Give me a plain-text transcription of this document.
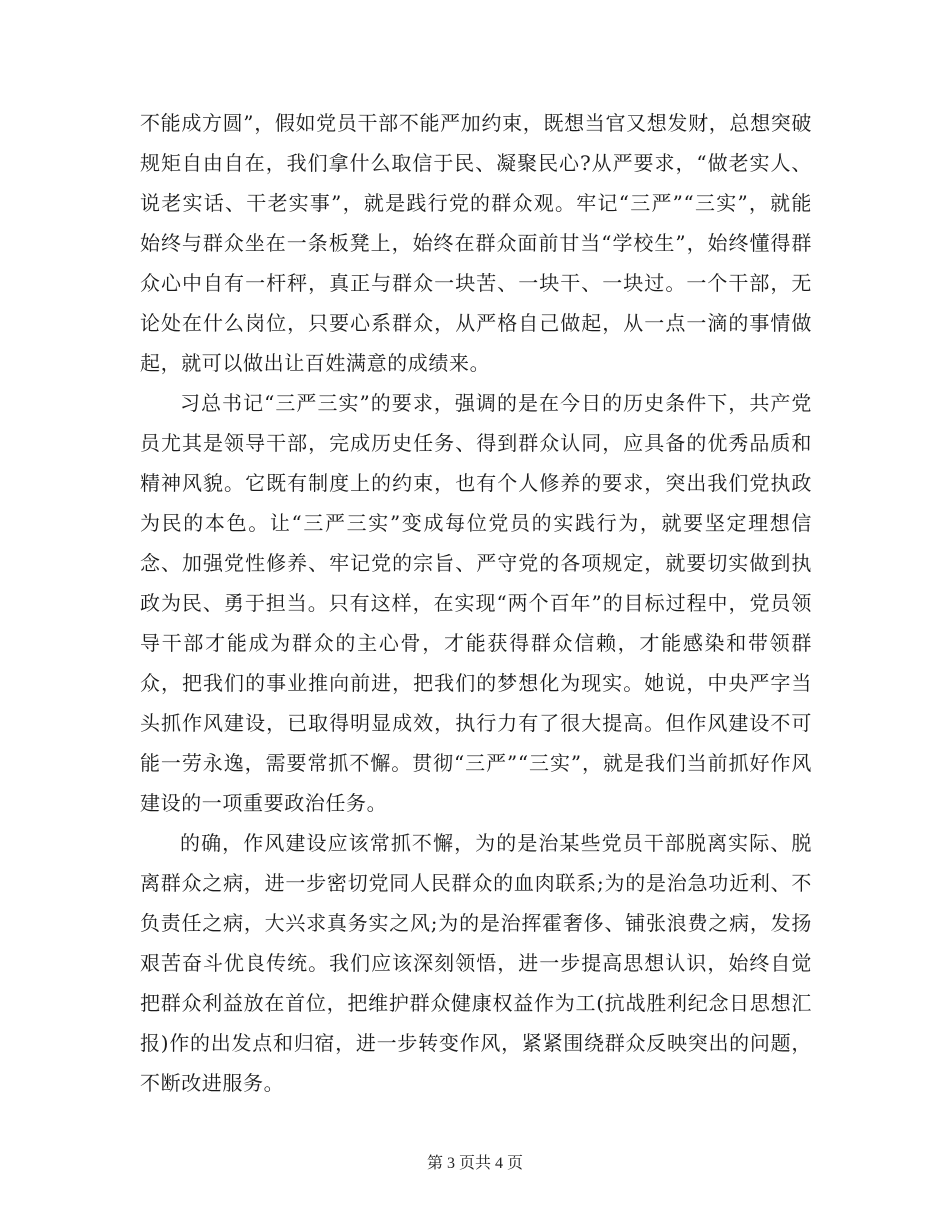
不能成方圆”，假如党员干部不能严加约束，既想当官又想发财，总想突破规矩自由自在，我们拿什么取信于民、凝聚民心?从严要求，“做老实人、说老实话、干老实事”，就是践行党的群众观。牢记“三严”“三实”，就能始终与群众坐在一条板凳上，始终在群众面前甘当“学校生”，始终懂得群众心中自有一杆秤，真正与群众一块苦、一块干、一块过。一个干部，无论处在什么岗位，只要心系群众，从严格自己做起，从一点一滴的事情做起，就可以做出让百姓满意的成绩来。

习总书记“三严三实”的要求，强调的是在今日的历史条件下，共产党员尤其是领导干部，完成历史任务、得到群众认同，应具备的优秀品质和精神风貌。它既有制度上的约束，也有个人修养的要求，突出我们党执政为民的本色。让“三严三实”变成每位党员的实践行为，就要坚定理想信念、加强党性修养、牢记党的宗旨、严守党的各项规定，就要切实做到执政为民、勇于担当。只有这样，在实现“两个百年”的目标过程中，党员领导干部才能成为群众的主心骨，才能获得群众信赖，才能感染和带领群众，把我们的事业推向前进，把我们的梦想化为现实。她说，中央严字当头抓作风建设，已取得明显成效，执行力有了很大提高。但作风建设不可能一劳永逸，需要常抓不懈。贯彻“三严”“三实”，就是我们当前抓好作风建设的一项重要政治任务。

的确，作风建设应该常抓不懈，为的是治某些党员干部脱离实际、脱离群众之病，进一步密切党同人民群众的血肉联系;为的是治急功近利、不负责任之病，大兴求真务实之风;为的是治挥霍奢侈、铺张浪费之病，发扬艰苦奋斗优良传统。我们应该深刻领悟，进一步提高思想认识，始终自觉把群众利益放在首位，把维护群众健康权益作为工(抗战胜利纪念日思想汇报)作的出发点和归宿，进一步转变作风，紧紧围绕群众反映突出的问题，不断改进服务。

第 3 页共 4 页
